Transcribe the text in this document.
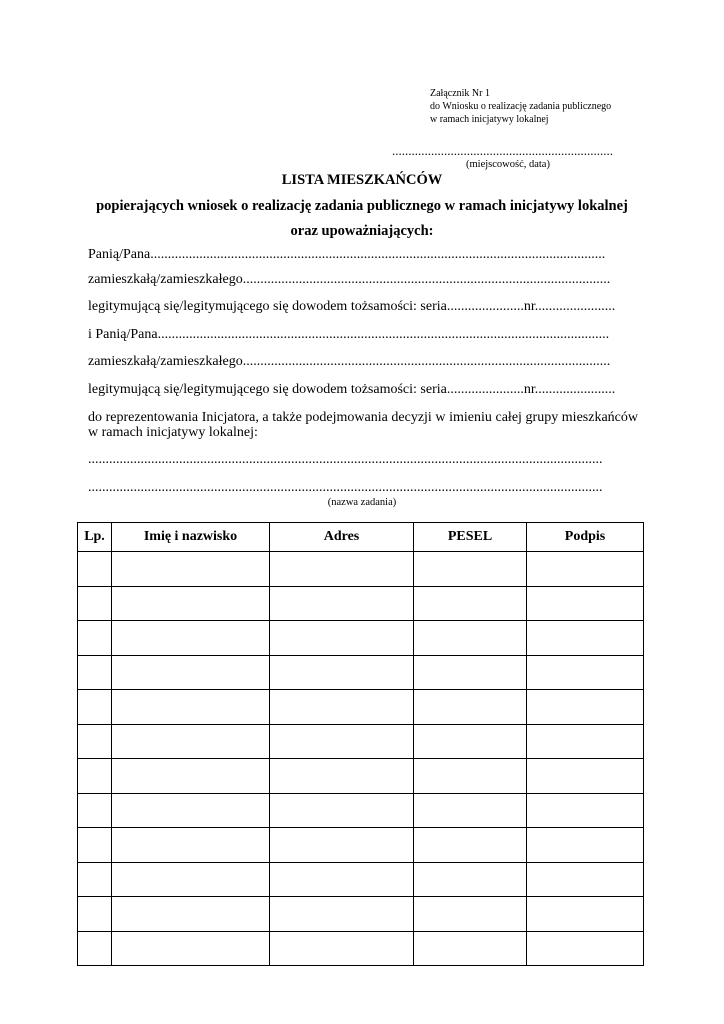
Załącznik Nr 1
do Wniosku o realizację zadania publicznego
w ramach inicjatywy lokalnej
....................................................................
(miejscowość, data)
LISTA MIESZKAŃCÓW
popierających wniosek o realizację zadania publicznego w ramach inicjatywy lokalnej
oraz upoważniających:
Panią/Pana..................................................................................................................................
zamieszkałą/zamieszkałego.........................................................................................................
legitymującą się/legitymującego się dowodem tożsamości: seria......................nr.......................
i Panią/Pana.................................................................................................................................
zamieszkałą/zamieszkałego.........................................................................................................
legitymującą się/legitymującego się dowodem tożsamości: seria......................nr.......................
do reprezentowania Inicjatora, a także podejmowania decyzji w imieniu całej grupy mieszkańców w ramach inicjatywy lokalnej:
...................................................................................................................................................
...................................................................................................................................................
(nazwa zadania)
Lp.	Imię i nazwisko	Adres	PESEL	Podpis
